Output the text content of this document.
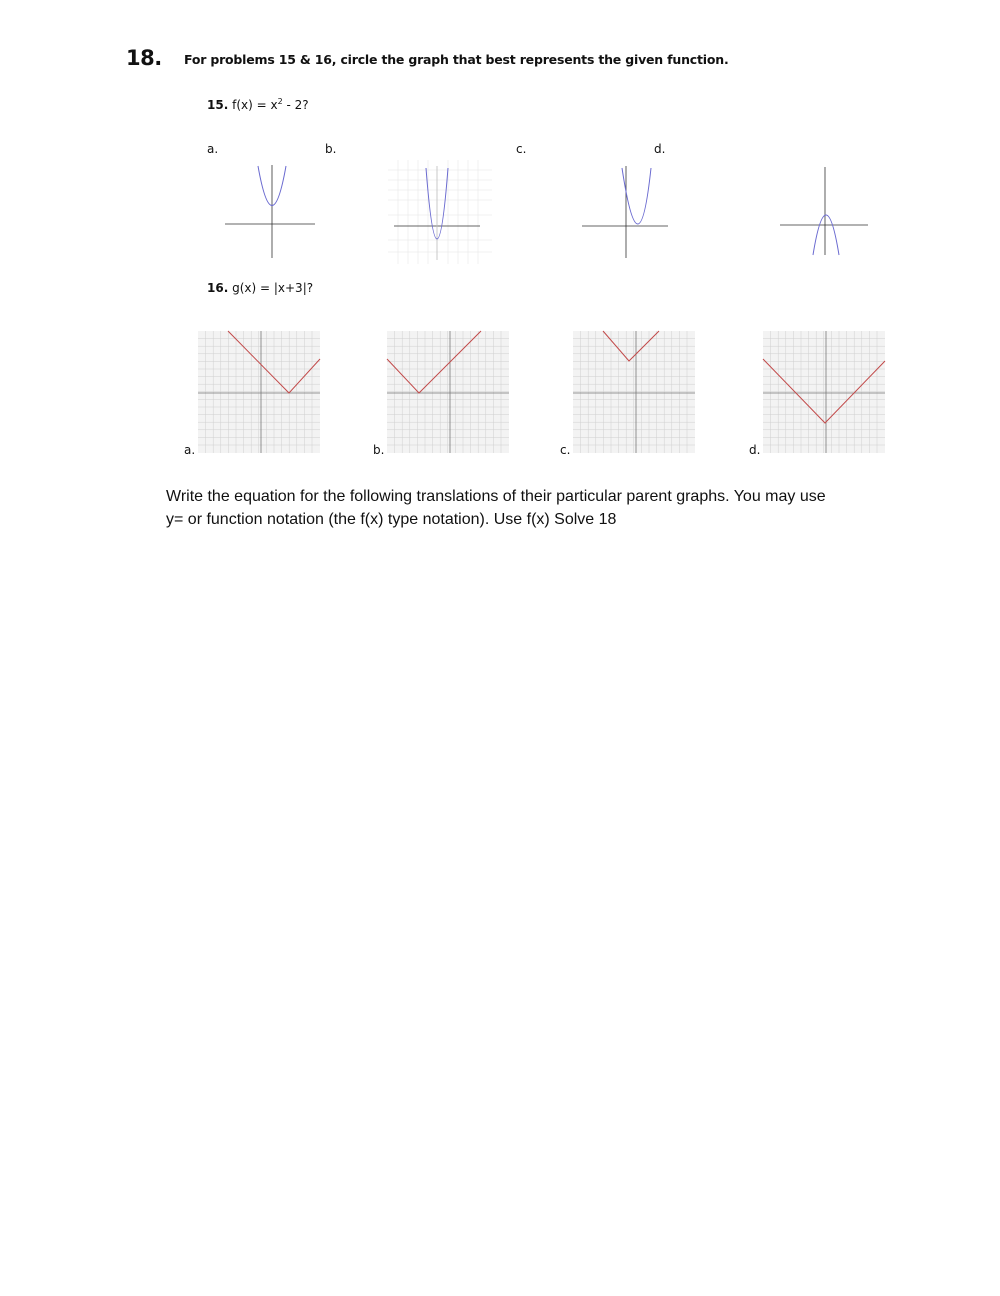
18. For problems 15 & 16, circle the graph that best represents the given function.
15. $f(x) = x^2 - 2$?
a.	b.	c.	d.
16. g(x) = |x+3|?
a.	b.	c.	d.
Write the equation for the following translations of their particular parent graphs. You may use
y= or function notation (the f(x) type notation). Use f(x) Solve 18
